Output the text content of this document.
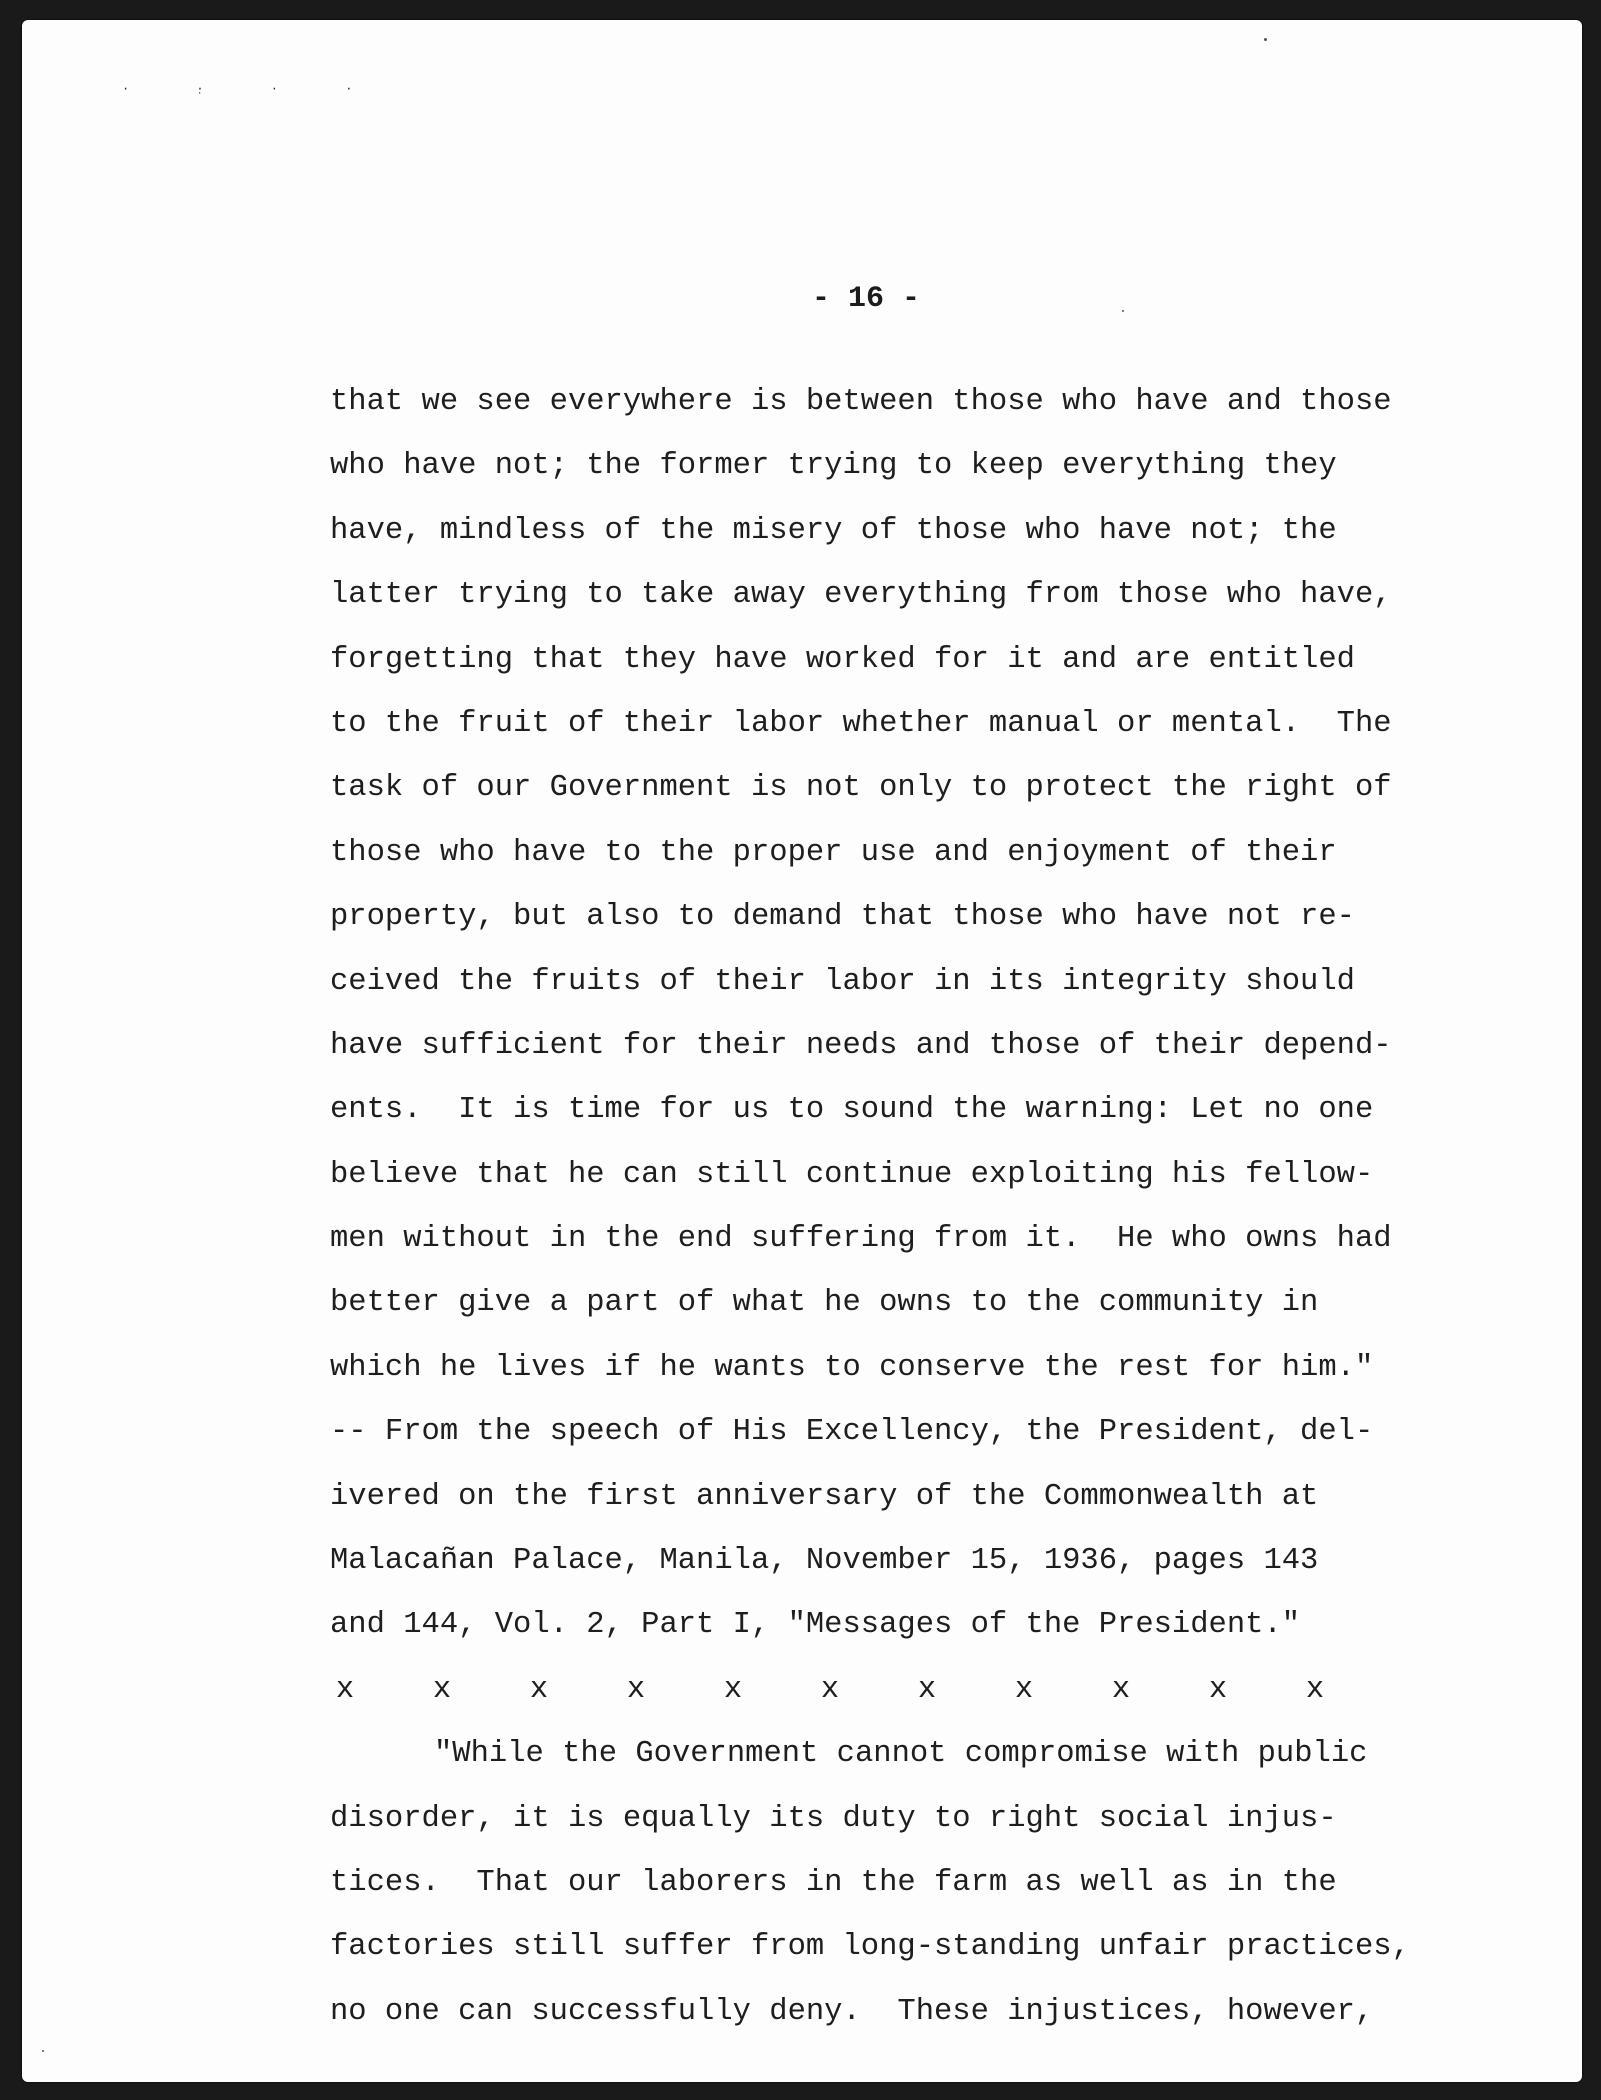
· ·̣ · ·
- 16 -
that we see everywhere is between those who have and those
who have not; the former trying to keep everything they
have, mindless of the misery of those who have not; the
latter trying to take away everything from those who have,
forgetting that they have worked for it and are entitled
to the fruit of their labor whether manual or mental.  The
task of our Government is not only to protect the right of
those who have to the proper use and enjoyment of their
property, but also to demand that those who have not re-
ceived the fruits of their labor in its integrity should
have sufficient for their needs and those of their depend-
ents.  It is time for us to sound the warning: Let no one
believe that he can still continue exploiting his fellow-
men without in the end suffering from it.  He who owns had
better give a part of what he owns to the community in
which he lives if he wants to conserve the rest for him."
-- From the speech of His Excellency, the President, del-
ivered on the first anniversary of the Commonwealth at
Malacañan Palace, Manila, November 15, 1936, pages 143
and 144, Vol. 2, Part I, "Messages of the President."
x	x	x	x	x	x	x	x	x	x	x
"While the Government cannot compromise with public
disorder, it is equally its duty to right social injus-
tices.  That our laborers in the farm as well as in the
factories still suffer from long-standing unfair practices,
no one can successfully deny.  These injustices, however,
